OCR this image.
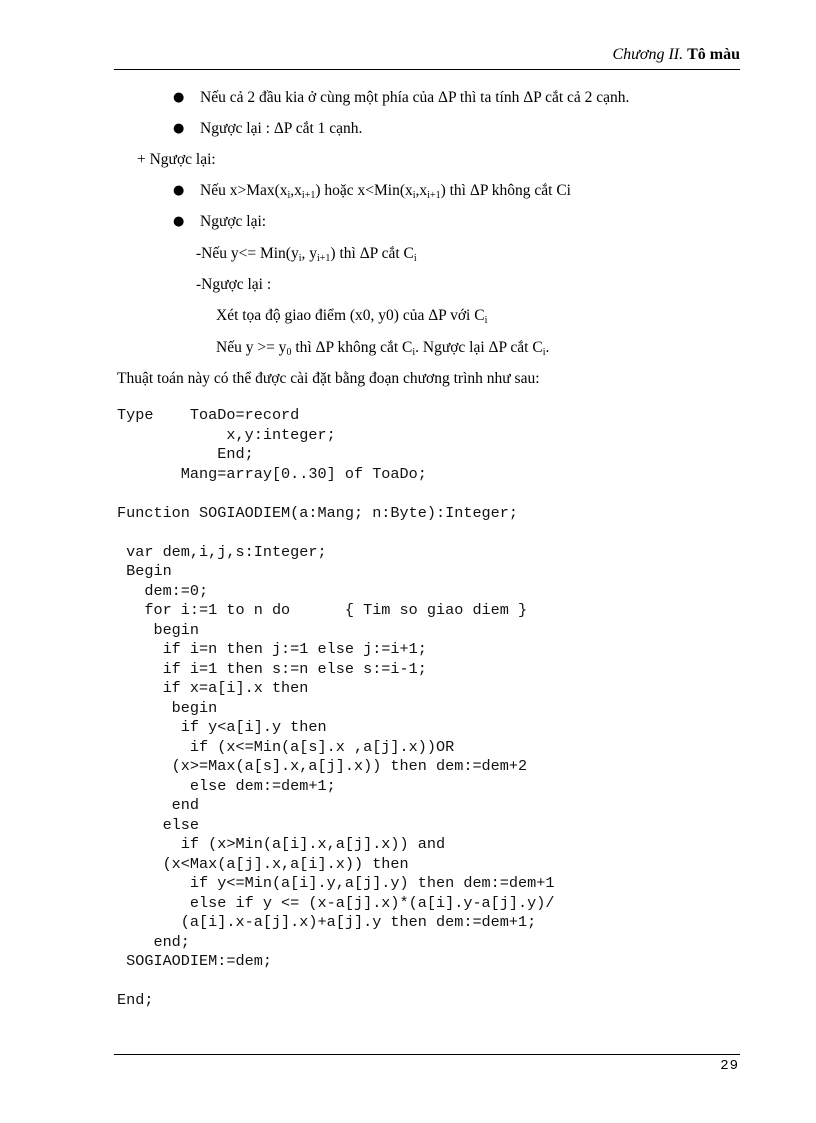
Chương II. Tô màu
● Nếu cả 2 đầu kia ở cùng một phía của ΔP thì ta tính ΔP cắt cả 2 cạnh.
● Ngược lại : ΔP cắt 1 cạnh.
+ Ngược lại:
● Nếu $x>Max(x_i,x_{i+1})$ hoặc $x<Min(x_i,x_{i+1})$ thì ΔP không cắt Ci
● Ngược lại:
-Nếu $y<= Min(y_i$, $y_{i+1}$) thì ΔP cắt $C_i$
-Ngược lại :
Xét tọa độ giao điểm (x0, y0) của ΔP với $C_i$
Nếu $y >= y_0$ thì ΔP không cắt $C_i$. Ngược lại ΔP cắt $C_i$.
Thuật toán này có thể được cài đặt bằng đoạn chương trình như sau:
Type    ToaDo=record
x,y:integer;
End;
Mang=array[0..30] of ToaDo;
Function SOGIAODIEM(a:Mang; n:Byte):Integer;
var dem,i,j,s:Integer;
Begin
dem:=0;
for i:=1 to n do      { Tim so giao diem }
begin
if i=n then j:=1 else j:=i+1;
if i=1 then s:=n else s:=i-1;
if x=a[i].x then
begin
if y<a[i].y then
if (x<=Min(a[s].x ,a[j].x))OR
(x>=Max(a[s].x,a[j].x)) then dem:=dem+2
else dem:=dem+1;
end
else
if (x>Min(a[i].x,a[j].x)) and
(x<Max(a[j].x,a[i].x)) then
if y<=Min(a[i].y,a[j].y) then dem:=dem+1
else if y <= (x-a[j].x)*(a[i].y-a[j].y)/
(a[i].x-a[j].x)+a[j].y then dem:=dem+1;
end;
SOGIAODIEM:=dem;
End;
29
